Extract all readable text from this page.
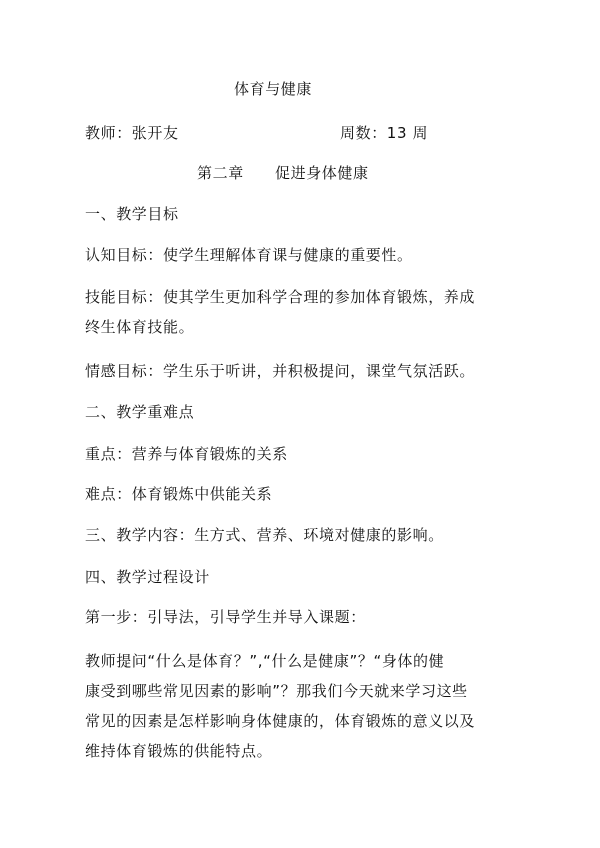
体育与健康
教师：张开友	周数：13 周
第二章 促进身体健康
一、教学目标
认知目标：使学生理解体育课与健康的重要性。
技能目标：使其学生更加科学合理的参加体育锻炼，养成
终生体育技能。
情感目标：学生乐于听讲，并积极提问，课堂气氛活跃。
二、教学重难点
重点：营养与体育锻炼的关系
难点：体育锻炼中供能关系
三、教学内容：生方式、营养、环境对健康的影响。
四、教学过程设计
第一步：引导法，引导学生并导入课题：
教师提问“什么是体育？”,“什么是健康”？“身体的健
康受到哪些常见因素的影响”？那我们今天就来学习这些
常见的因素是怎样影响身体健康的，体育锻炼的意义以及
维持体育锻炼的供能特点。
